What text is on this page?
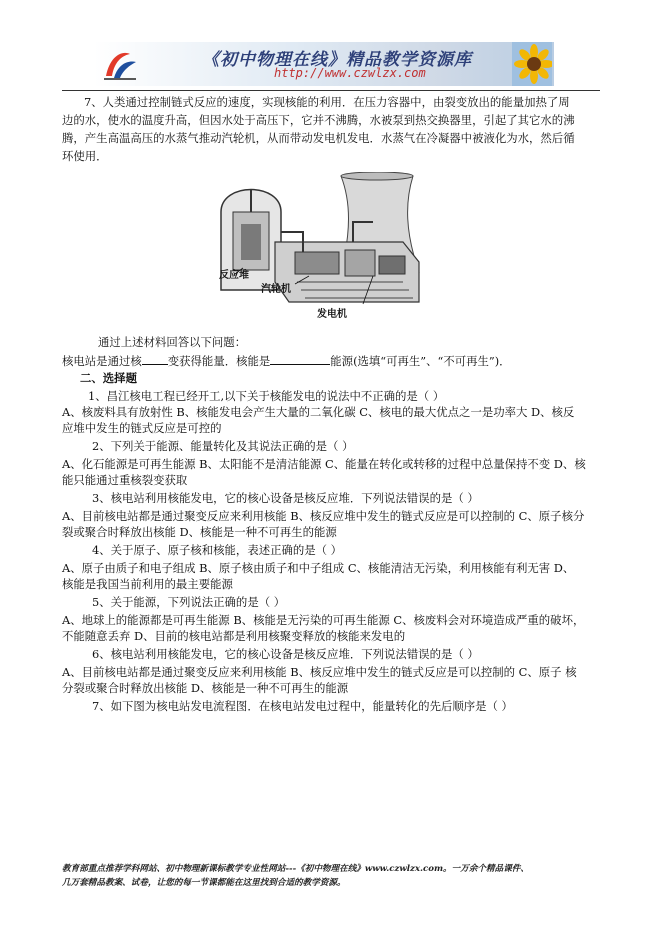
《初中物理在线》精品教学资源库
http://www.czwlzx.com
7、人类通过控制链式反应的速度，实现核能的利用．在压力容器中，由裂变放出的能量加热了周
边的水，使水的温度升高，但因水处于高压下，它并不沸腾，水被泵到热交换器里，引起了其它水的沸
腾，产生高温高压的水蒸气推动汽轮机，从而带动发电机发电．水蒸气在冷凝器中被液化为水，然后循
环使用．
反应堆
汽轮机
发电机
通过上述材料回答以下问题：
核电站是通过核 变获得能量．核能是	能源(选填“可再生”、“不可再生”)．
二、选择题
1、昌江核电工程已经开工,以下关于核能发电的说法中不正确的是（ ）
A、核废料具有放射性 B、核能发电会产生大量的二氧化碳 C、核电的最大优点之一是功率大 D、核反
应堆中发生的链式反应是可控的
2、下列关于能源、能量转化及其说法正确的是（ ）
A、化石能源是可再生能源 B、太阳能不是清洁能源 C、能量在转化或转移的过程中总量保持不变 D、核
能只能通过重核裂变获取
3、核电站利用核能发电，它的核心设备是核反应堆．下列说法错误的是（ ）
A、目前核电站都是通过聚变反应来利用核能 B、核反应堆中发生的链式反应是可以控制的 C、原子核分
裂或聚合时释放出核能 D、核能是一种不可再生的能源
4、关于原子、原子核和核能，表述正确的是（ ）
A、原子由质子和电子组成 B、原子核由质子和中子组成 C、核能清洁无污染，利用核能有利无害 D、
核能是我国当前利用的最主要能源
5、关于能源，下列说法正确的是（ ）
A、地球上的能源都是可再生能源 B、核能是无污染的可再生能源 C、核废料会对环境造成严重的破坏，
不能随意丢弃 D、目前的核电站都是利用核聚变释放的核能来发电的
6、核电站利用核能发电，它的核心设备是核反应堆．下列说法错误的是（ ）
A、目前核电站都是通过聚变反应来利用核能 B、核反应堆中发生的链式反应是可以控制的 C、原子 核
分裂或聚合时释放出核能 D、核能是一种不可再生的能源
7、如下图为核电站发电流程图．在核电站发电过程中，能量转化的先后顺序是（ ）
教育部重点推荐学科网站、初中物理新课标教学专业性网站---《初中物理在线》www.czwlzx.com。一万余个精品课件、
几万套精品教案、试卷，让您的每一节课都能在这里找到合适的教学资源。
